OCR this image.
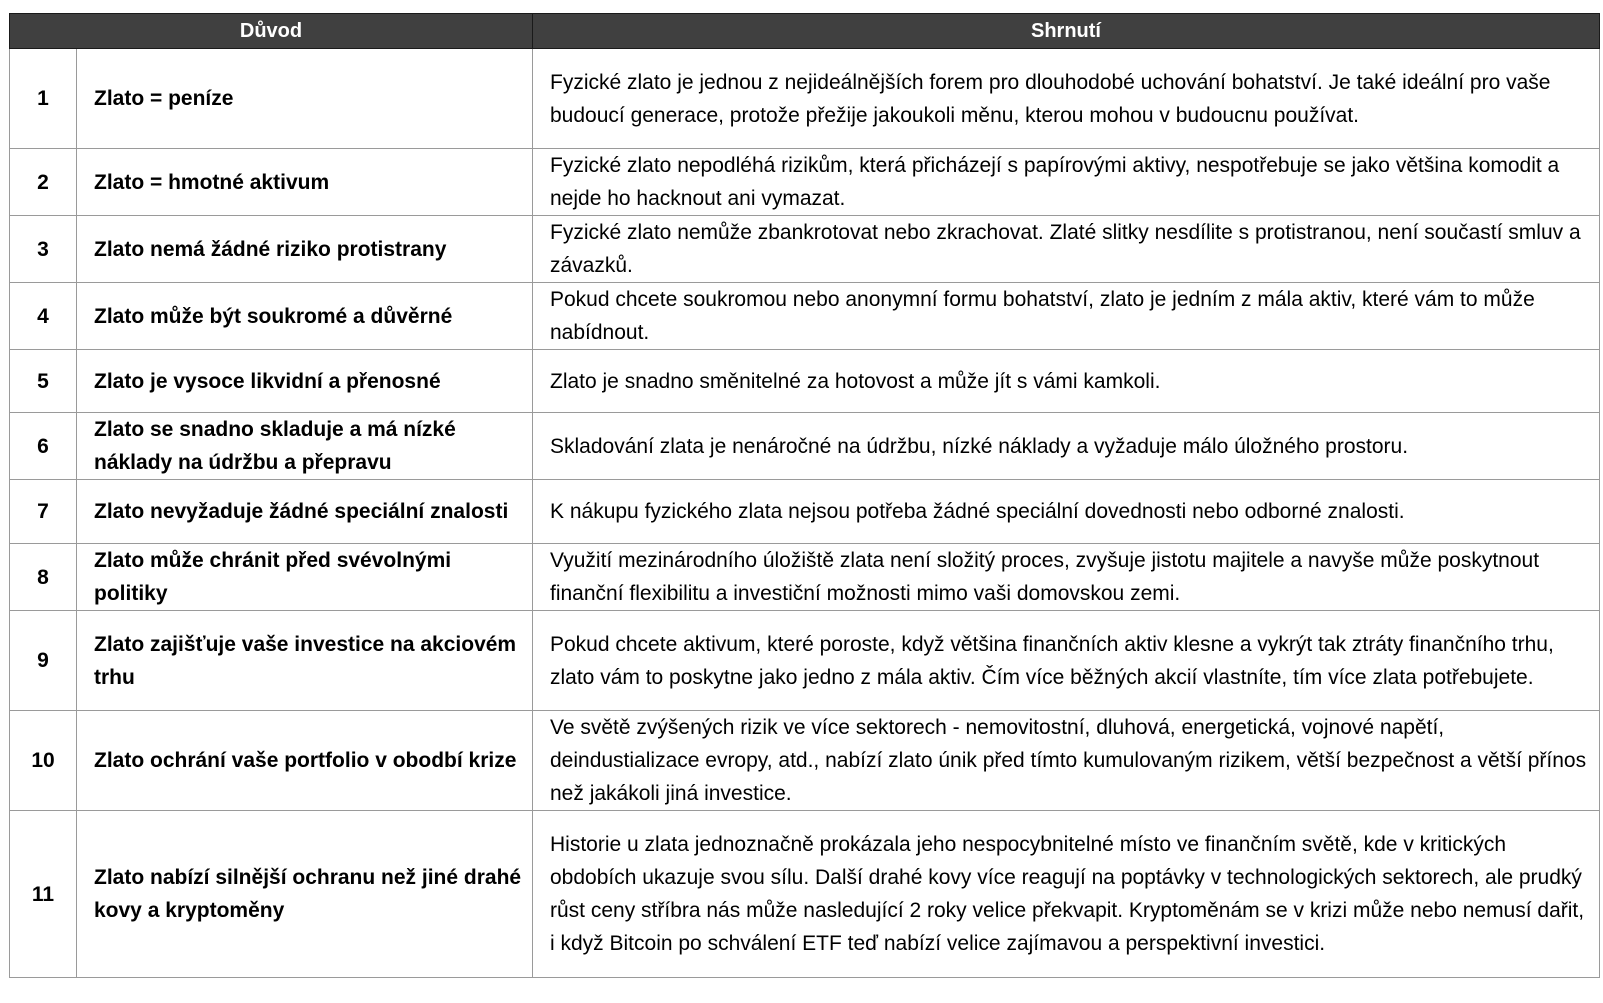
Důvod		Shrnutí
1	Zlato = peníze	Fyzické zlato je jednou z nejideálnějších forem pro dlouhodobé uchování bohatství. Je také ideální pro vaše budoucí generace, protože přežije jakoukoli měnu, kterou mohou v budoucnu používat.
2	Zlato = hmotné aktivum	Fyzické zlato nepodléhá rizikům, která přicházejí s papírovými aktivy, nespotřebuje se jako většina komodit a nejde ho hacknout ani vymazat.
3	Zlato nemá žádné riziko protistrany	Fyzické zlato nemůže zbankrotovat nebo zkrachovat. Zlaté slitky nesdílite s protistranou, není součastí smluv a závazků.
4	Zlato může být soukromé a důvěrné	Pokud chcete soukromou nebo anonymní formu bohatství, zlato je jedním z mála aktiv, které vám to může nabídnout.
5	Zlato je vysoce likvidní a přenosné	Zlato je snadno směnitelné za hotovost a může jít s vámi kamkoli.
6	Zlato se snadno skladuje a má nízké náklady na údržbu a přepravu	Skladování zlata je nenáročné na údržbu, nízké náklady a vyžaduje málo úložného prostoru.
7	Zlato nevyžaduje žádné speciální znalosti	K nákupu fyzického zlata nejsou potřeba žádné speciální dovednosti nebo odborné znalosti.
8	Zlato může chránit před svévolnými politiky	Využití mezinárodního úložiště zlata není složitý proces, zvyšuje jistotu majitele a navyše může poskytnout finanční flexibilitu a investiční možnosti mimo vaši domovskou zemi.
9	Zlato zajišťuje vaše investice na akciovém trhu	Pokud chcete aktivum, které poroste, když většina finančních aktiv klesne a vykrýt tak ztráty finančního trhu, zlato vám to poskytne jako jedno z mála aktiv. Čím více běžných akcií vlastníte, tím více zlata potřebujete.
10	Zlato ochrání vaše portfolio v obodbí krize	Ve světě zvýšených rizik ve více sektorech - nemovitostní, dluhová, energetická, vojnové napětí, deindustializace evropy, atd., nabízí zlato únik před tímto kumulovaným rizikem, větší bezpečnost a větší přínos než jakákoli jiná investice.
11	Zlato nabízí silnější ochranu než jiné drahé kovy a kryptoměny	Historie u zlata jednoznačně prokázala jeho nespocybnitelné místo ve finančním světě, kde v kritických obdobích ukazuje svou sílu. Další drahé kovy více reagují na poptávky v technologických sektorech, ale prudký růst ceny stříbra nás může nasledující 2 roky velice překvapit. Kryptoměnám se v krizi může nebo nemusí dařit, i když Bitcoin po schválení ETF teď nabízí velice zajímavou a perspektivní investici.
